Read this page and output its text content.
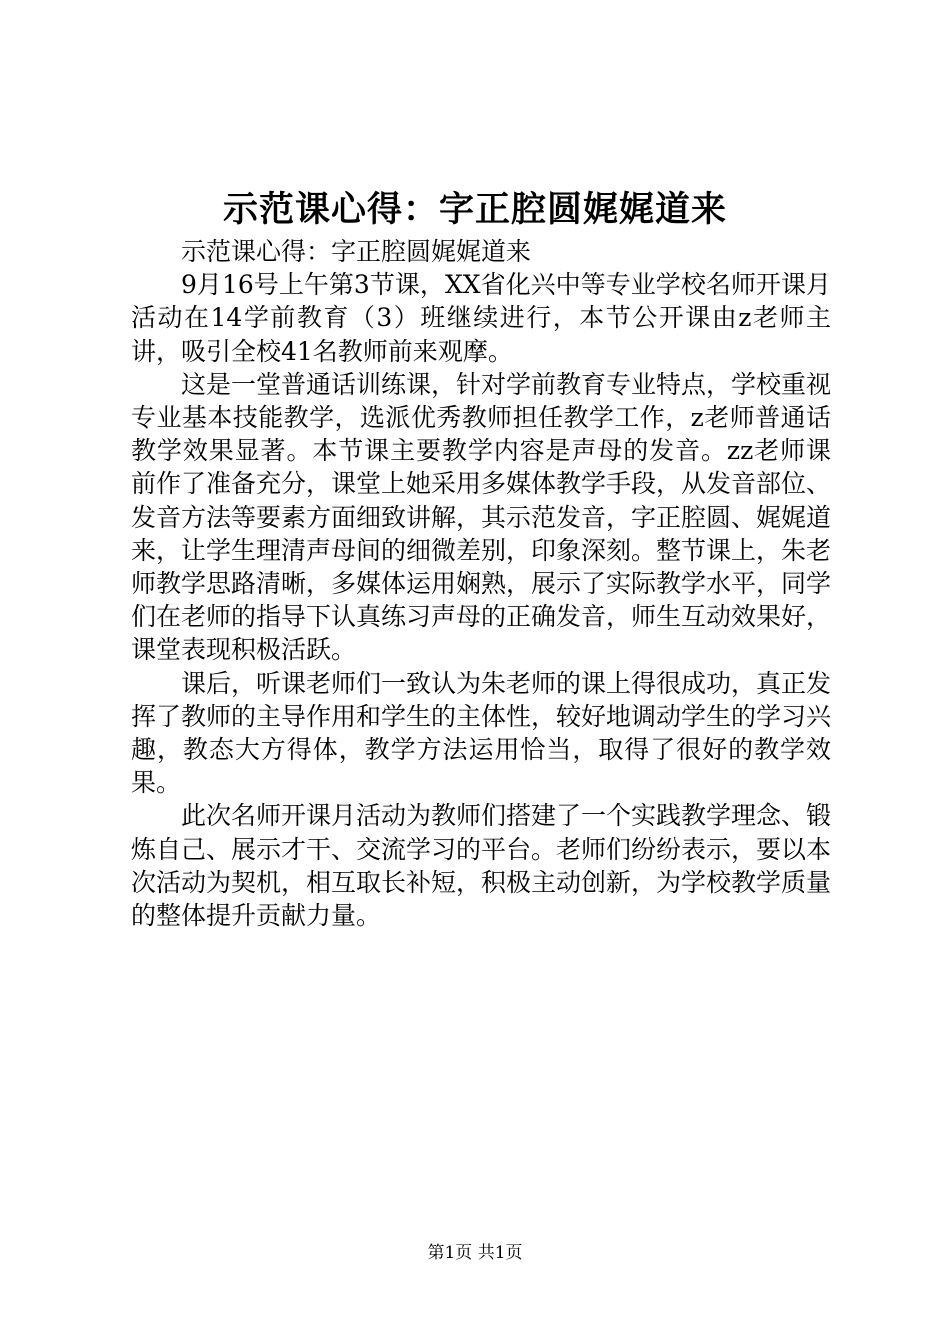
示范课心得：字正腔圆娓娓道来

示范课心得：字正腔圆娓娓道来

9月16号上午第3节课，XX省化兴中等专业学校名师开课月活动在14学前教育（3）班继续进行，本节公开课由z老师主讲，吸引全校41名教师前来观摩。

这是一堂普通话训练课，针对学前教育专业特点，学校重视专业基本技能教学，选派优秀教师担任教学工作，z老师普通话教学效果显著。本节课主要教学内容是声母的发音。zz老师课前作了准备充分，课堂上她采用多媒体教学手段，从发音部位、发音方法等要素方面细致讲解，其示范发音，字正腔圆、娓娓道来，让学生理清声母间的细微差别，印象深刻。整节课上，朱老师教学思路清晰，多媒体运用娴熟，展示了实际教学水平，同学们在老师的指导下认真练习声母的正确发音，师生互动效果好，课堂表现积极活跃。

课后，听课老师们一致认为朱老师的课上得很成功，真正发挥了教师的主导作用和学生的主体性，较好地调动学生的学习兴趣，教态大方得体，教学方法运用恰当，取得了很好的教学效果。

此次名师开课月活动为教师们搭建了一个实践教学理念、锻炼自己、展示才干、交流学习的平台。老师们纷纷表示，要以本次活动为契机，相互取长补短，积极主动创新，为学校教学质量的整体提升贡献力量。

第1页 共1页
